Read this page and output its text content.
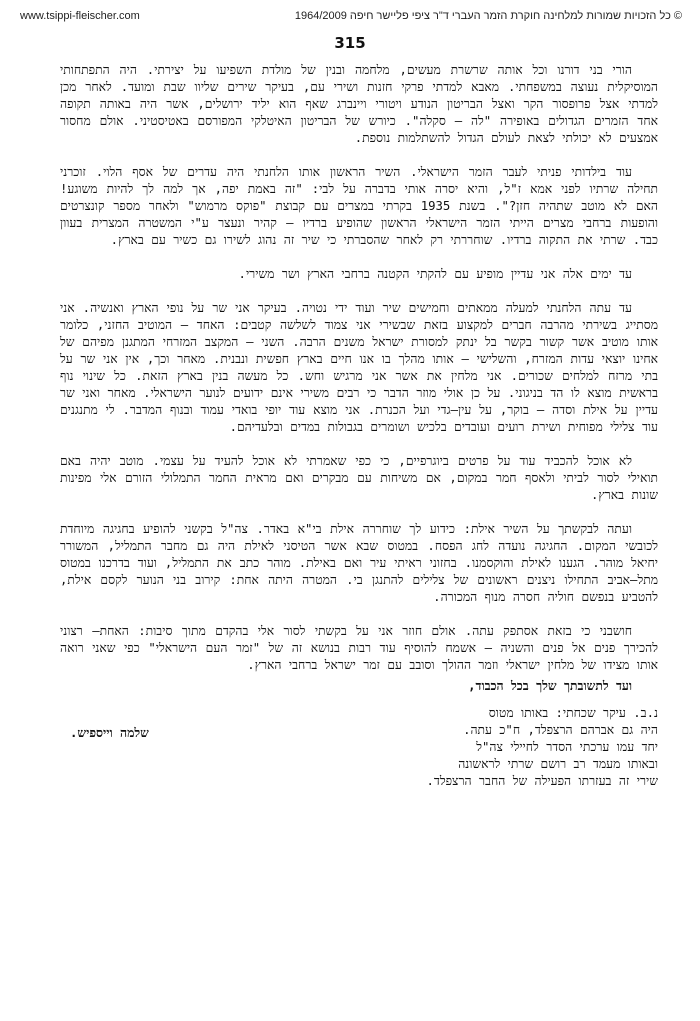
www.tsippi-fleischer.com	© כל הזכויות שמורות למלחינה חוקרת הזמר העברי ד"ר ציפי פליישר חיפה 1964/2009
315

הורי בני דורנו וכל אותה שרשרת מעשים, מלחמה ובנין של מולדת השפיעו על יצירתי. היה התפתחותי המוסיקלית נעוצה במשפחתי. מאבא למדתי פרקי חזנות ושירי עם, בעיקר שירים שליוו שבת ומועד. לאחר מכן למדתי אצל פרופסור הקר ואצל הבריטון הנודע ויטורי ויינברג שאף הוא יליד ירושלים, אשר היה באותה תקופה אחד הזמרים הגדולים באופירה "לה – סקלה". כיורש של הבריטון האיטלקי המפורסם באטיסטיני. אולם מחסור אמצעים לא יכולתי לצאת לעולם הגדול להשתלמות נוספת.

עוד בילדותי פניתי לעבר הזמר הישראלי. השיר הראשון אותו הלחנתי היה עדרים של אסף הלוי. זוכרני תחילה שרתיו לפני אמא ז"ל, והיא יסרה אותי בדברה על לבי: "זה באמת יפה, אך למה לך להיות משוגע! האם לא מוטב שתהיה חזן?". בשנת 1935 בקרתי במצרים עם קבוצת "פוקס מרמוש" ולאחר מספר קונצרטים והופעות ברחבי מצרים הייתי הזמר הישראלי הראשון שהופיע ברדיו – קהיר ונעצר ע"י המשטרה המצרית בעוון כבד. שרתי את התקוה ברדיו. שוחררתי רק לאחר שהסברתי כי שיר זה נהוג לשירו גם כשיר עם בארץ.

עד ימים אלה אני עדיין מופיע עם להקתי הקטנה ברחבי הארץ ושר משירי.

עד עתה הלחנתי למעלה ממאתים וחמישים שיר ועוד ידי נטויה. בעיקר אני שר על נופי הארץ ואנשיה. אני מסתייג בשירתי מהרבה חברים למקצוע בזאת שבשירי אני צמוד לשלשה קטבים: האחד – המוטיב החזני, כלומר אותו מוטיב אשר קשור בקשר בל ינתק למסורת ישראל משנים הרבה. השני – המקצב המזרחי המתגנן מפיהם של אחינו יוצאי עדות המזרח, והשלישי – אותו מהלך בו אנו חיים בארץ חפשית ונבנית. מאחר וכך, אין אני שר על בתי מרזח למלחים שכורים. אני מלחין את אשר אני מרגיש וחש. כל מעשה בנין בארץ הזאת. כל שינוי נוף בראשית מוצא לו הד בניגוני. על כן אולי מוזר הדבר כי רבים משירי אינם ידועים לנוער הישראלי. מאחר ואני שר עדיין על אילת וסדה – בוקר, על עין–גדי ועל הכנרת. אני מוצא עוד יופי בואדי עמוד ובנוף המדבר. לי מתנגנים עוד צלילי מפוחית ושירת רועים ועובדים בלכיש ושומרים בגבולות במדים ובלעדיהם.

לא אוכל להכביד עוד על פרטים ביוגרפיים, כי כפי שאמרתי לא אוכל להעיד על עצמי. מוטב יהיה באם תואילי לסור לביתי ולאסף חמר במקום, אם משיחות עם מבקרים ואם מראית החמר התמלולי הזורם אלי מפינות שונות בארץ.

ועתה לבקשתך על השיר אילת: כידוע לך שוחררה אילת בי"א באדר. צה"ל בקשני להופיע בחגיגה מיוחדת לכובשי המקום. החגיגה נועדה לחג הפסח. במטוס שבא אשר הטיסני לאילת היה גם מחבר התמליל, המשורר יחיאל מוהר. הגענו לאילת והוקסמנו. בחזוני ראיתי עיר ואם באילת. מוהר כתב את התמליל, ועוד בדרכנו במטוס מתל–אביב התחילו ניצנים ראשונים של צלילים להתנגן בי. המטרה היתה אחת: קירוב בני הנוער לקסם אילת, להטביע בנפשם חוליה חסרה מנוף המכורה.

חושבני כי בזאת אסתפק עתה. אולם חוזר אני על בקשתי לסור אלי בהקדם מתוך סיבות: האחת– רצוני להכירך פנים אל פנים והשניה – אשמח להוסיף עוד רבות בנושא זה של "זמר העם הישראלי" כפי שאני רואה אותו מצידו של מלחין ישראלי וזמר ההולך וסובב עם זמר ישראל ברחבי הארץ.

ועד לתשובתך שלך בכל הכבוד,
נ.ב. עיקר שכחתי: באותו מטוס
היה גם אברהם הרצפלד, ח"כ עתה.
יחד עמו ערכתי הסדר לחיילי צה"ל
ובאותו מעמד רב רושם שרתי לראשונה
שירי זה בעזרתו הפעילה של החבר הרצפלד.
שלמה וייספיש.
